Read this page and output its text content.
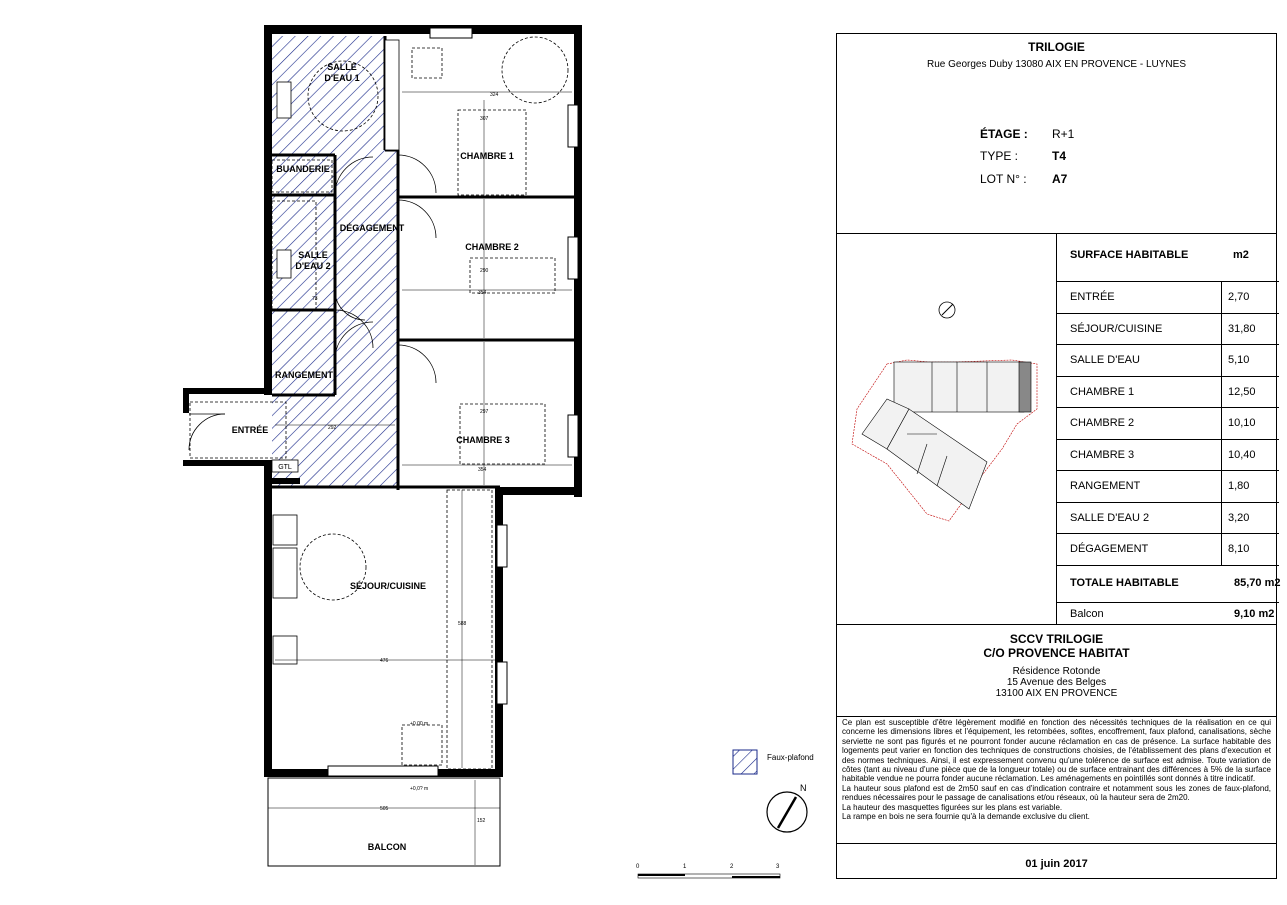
SALLE D'EAU 1
BUANDERIE
DÉGAGEMENT
SALLE D'EAU 2
RANGEMENT
ENTRÉE
CHAMBRE 1
CHAMBRE 2
CHAMBRE 3
SÉJOUR/CUISINE
BALCON
GTL
324
307
290
354
297
354
292
476
588
505
152
73
+0,00 m
+0,0? m
Faux-plafond
N
0	1	2	3
TRILOGIE
Rue Georges Duby 13080 AIX EN PROVENCE - LUYNES
ÉTAGE :	R+1
TYPE :	T4
LOT N° :	A7
SURFACE HABITABLE	m2
ENTRÉE	2,70
SÉJOUR/CUISINE	31,80
SALLE D'EAU	5,10
CHAMBRE 1	12,50
CHAMBRE 2	10,10
CHAMBRE 3	10,40
RANGEMENT	1,80
SALLE D'EAU 2	3,20
DÉGAGEMENT	8,10
TOTALE HABITABLE	85,70 m2
Balcon	9,10 m2
SCCV TRILOGIE
C/O PROVENCE HABITAT
Résidence Rotonde
15 Avenue des Belges
13100 AIX EN PROVENCE
Ce plan est susceptible d'être légèrement modifié en fonction des nécessités techniques de la réalisation en ce qui concerne les dimensions libres et l'équipement, les retombées, sofites, encoffrement, faux plafond, canalisations, sèche serviette ne sont pas figurés et ne pourront fonder aucune réclamation en cas de présence. La surface habitable des logements peut varier en fonction des techniques de constructions choisies, de l'établissement des plans d'execution et des normes techniques. Ainsi, il est expressement convenu qu'une tolérence de surface est admise. Toute variation de côtes (tant au niveau d'une pièce que de la longueur totale) ou de surface entrainant des différences à 5% de la surface habitable vendue ne pourra fonder aucune réclamation. Les aménagements en pointillés sont donnés à titre indicatif.
La hauteur sous plafond est de 2m50 sauf en cas d'indication contraire et notamment sous les zones de faux-plafond, rendues nécessaires pour le passage de canalisations et/ou réseaux, où la hauteur sera de 2m20.
La hauteur des masquettes figurées sur les plans est variable.
La rampe en bois ne sera fournie qu'à la demande exclusive du client.
01 juin 2017
